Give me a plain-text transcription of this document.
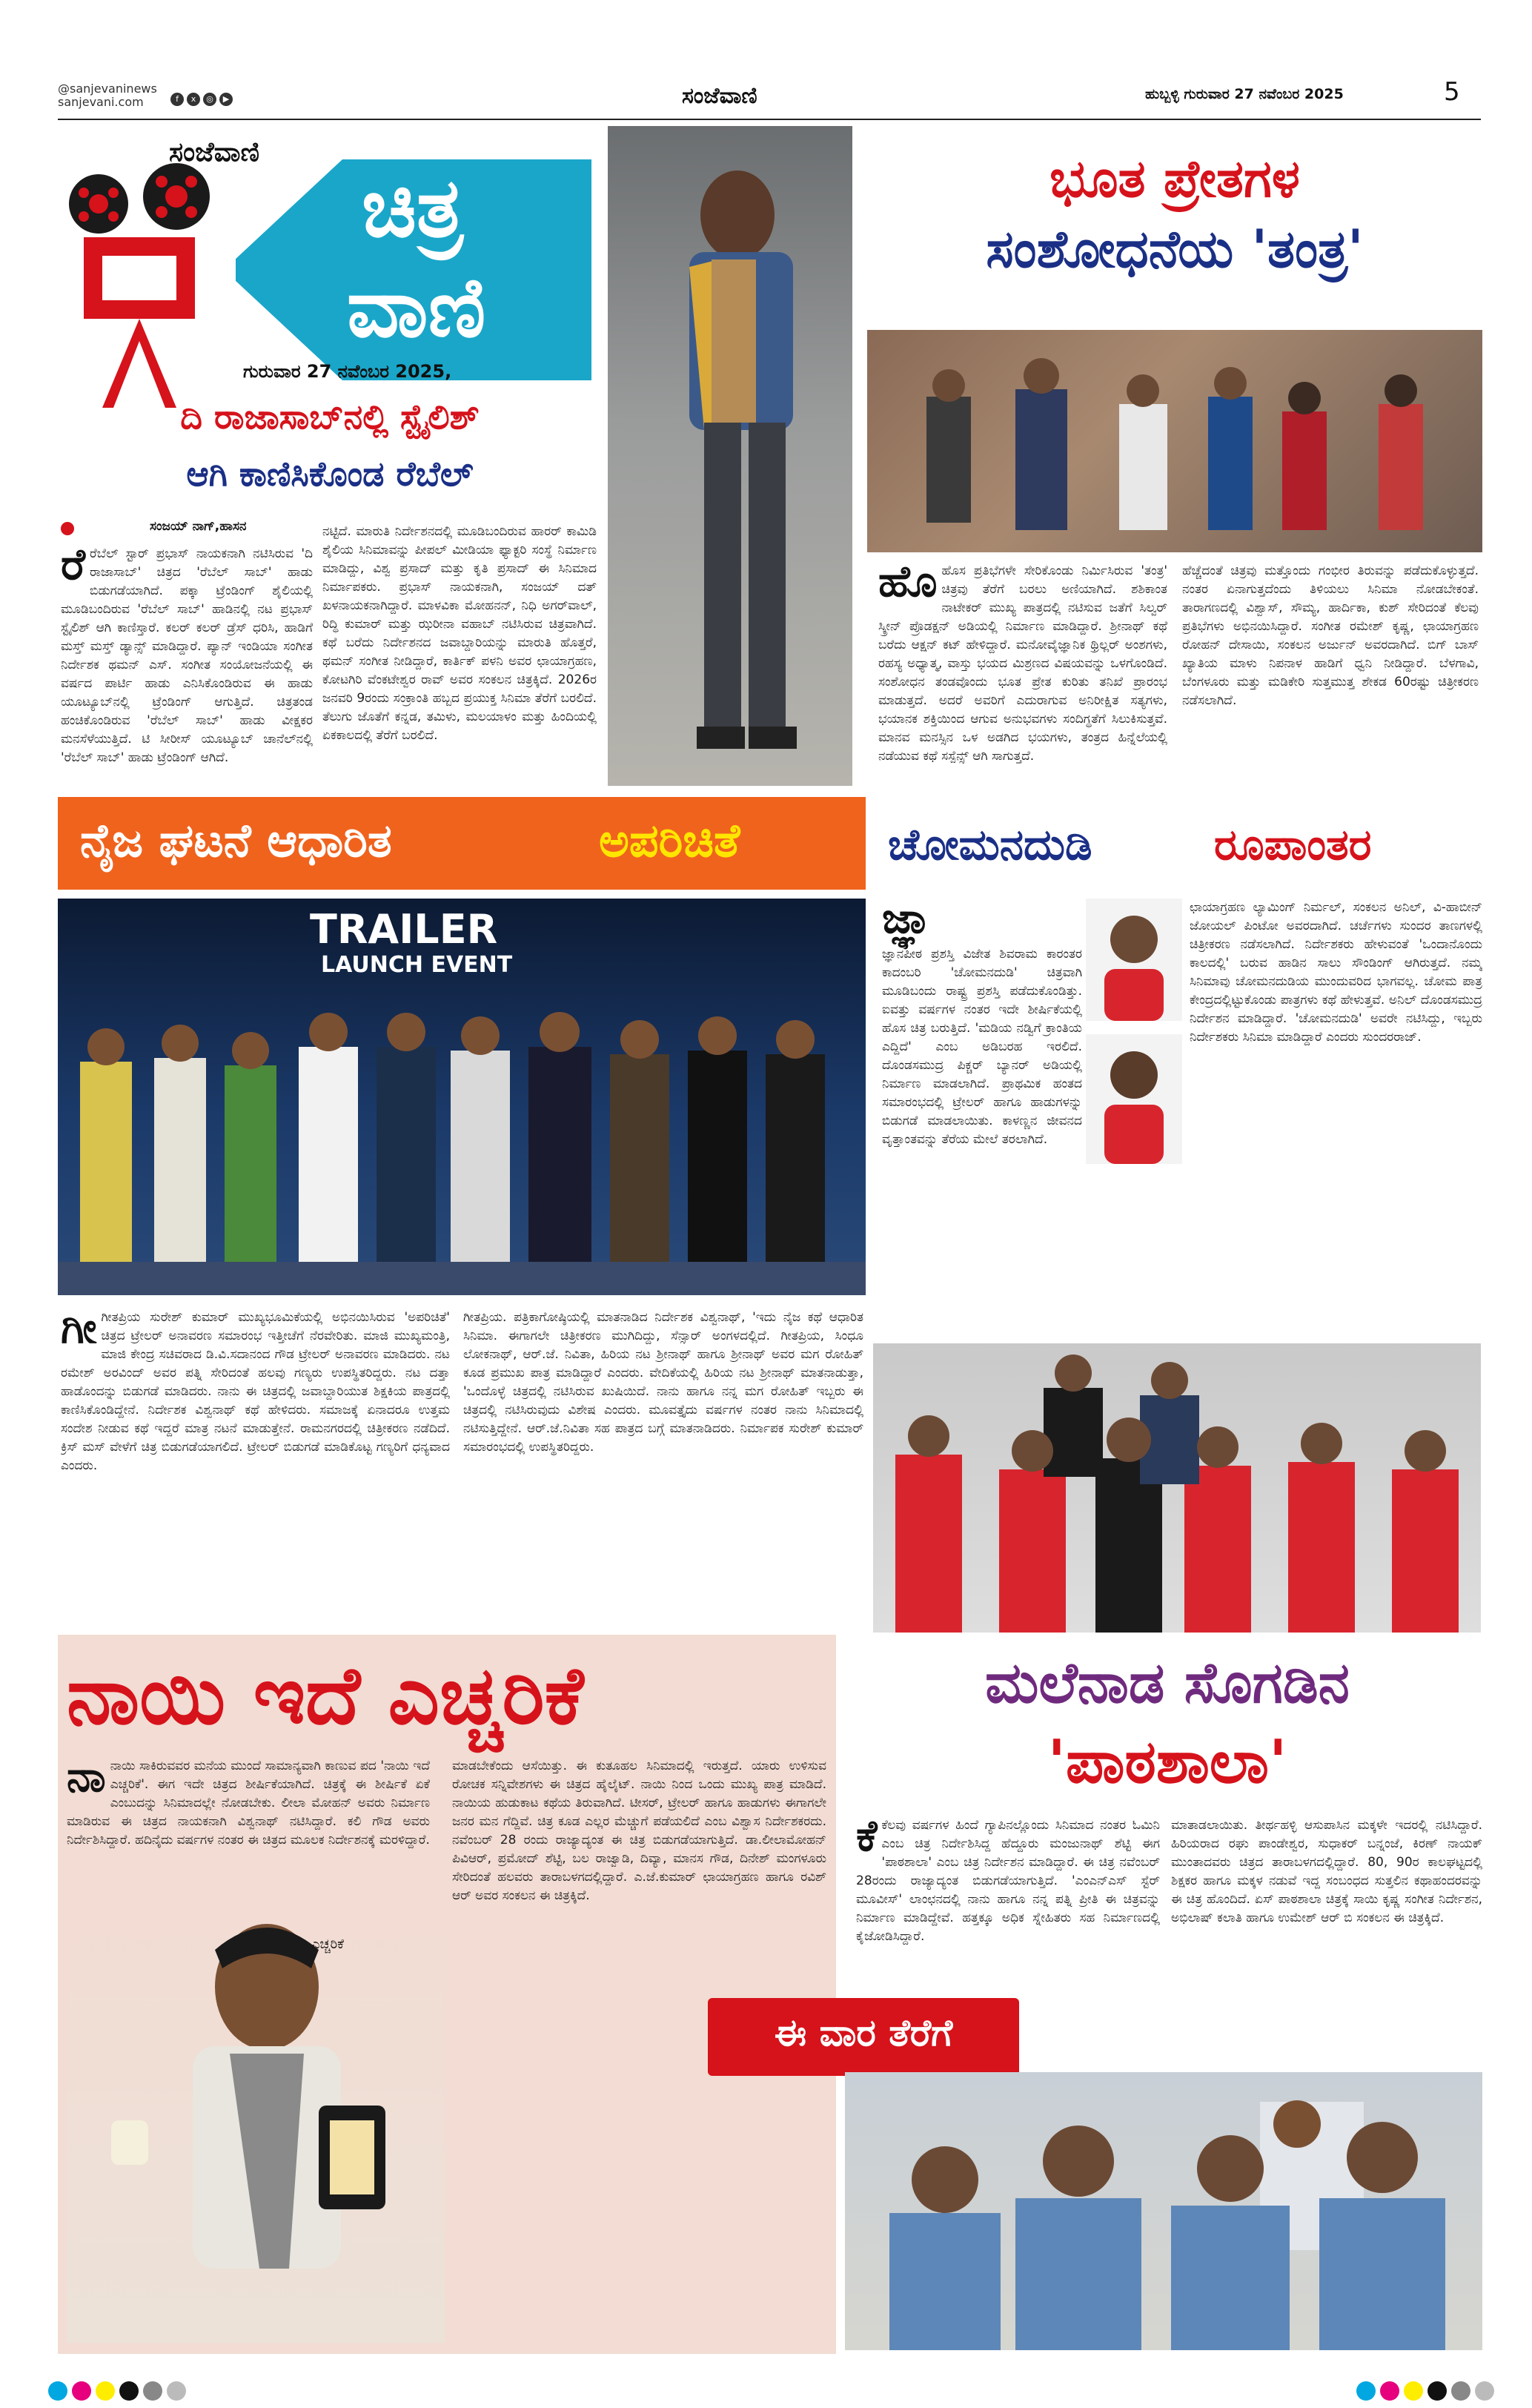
@sanjevaninews
sanjevani.com	f x ◎ ▶	ಸಂಜೆವಾಣಿ	ಹುಬ್ಬಳ್ಳಿ ಗುರುವಾರ 27 ನವೆಂಬರ 2025	5
ಸಂಜೆವಾಣಿ
ಚಿತ್ರ
ವಾಣಿ
ಗುರುವಾರ 27 ನವೆಂಬರ 2025,
ದಿ ರಾಜಾಸಾಬ್‌ನಲ್ಲಿ ಸ್ಟೈಲಿಶ್
ಆಗಿ ಕಾಣಿಸಿಕೊಂಡ ರೆಬೆಲ್
ಸಂಜಯ್ ನಾಗ್,ಹಾಸನ
ರೆರೆಬೆಲ್ ಸ್ಟಾರ್ ಪ್ರಭಾಸ್ ನಾಯಕನಾಗಿ ನಟಿಸಿರುವ 'ದಿ ರಾಜಾಸಾಬ್' ಚಿತ್ರದ 'ರೆಬೆಲ್ ಸಾಬ್' ಹಾಡು ಬಿಡುಗಡೆಯಾಗಿದೆ. ಪಕ್ಕಾ ಟ್ರೆಂಡಿಂಗ್ ಶೈಲಿಯಲ್ಲಿ ಮೂಡಿಬಂದಿರುವ 'ರೆಬೆಲ್ ಸಾಬ್' ಹಾಡಿನಲ್ಲಿ ನಟ ಪ್ರಭಾಸ್ ಸ್ಟೈಲಿಶ್ ಆಗಿ ಕಾಣಿಸ್ತಾರೆ. ಕಲರ್ ಕಲರ್ ಡ್ರೆಸ್ ಧರಿಸಿ, ಹಾಡಿಗೆ ಮಸ್ತ್ ಮಸ್ತ್ ಡ್ಯಾನ್ಸ್ ಮಾಡಿದ್ದಾರೆ. ಪ್ಯಾನ್ ಇಂಡಿಯಾ ಸಂಗೀತ ನಿರ್ದೇಶಕ ಥಮನ್ ಎಸ್. ಸಂಗೀತ ಸಂಯೋಜನೆಯಲ್ಲಿ ಈ ವರ್ಷದ ಪಾರ್ಟಿ ಹಾಡು ಎನಿಸಿಕೊಂಡಿರುವ ಈ ಹಾಡು ಯೂಟ್ಯೂಬ್‌ನಲ್ಲಿ ಟ್ರೆಂಡಿಂಗ್ ಆಗುತ್ತಿದೆ. ಚಿತ್ರತಂಡ ಹಂಚಿಕೊಂಡಿರುವ 'ರೆಬೆಲ್ ಸಾಬ್' ಹಾಡು ವೀಕ್ಷಕರ ಮನಸೆಳೆಯುತ್ತಿದೆ. ಟಿ ಸೀರೀಸ್ ಯೂಟ್ಯೂಬ್ ಚಾನೆಲ್‌ನಲ್ಲಿ 'ರೆಬೆಲ್ ಸಾಬ್' ಹಾಡು ಟ್ರೆಂಡಿಂಗ್ ಆಗಿದೆ.
ನಟ್ಟಿದೆ. ಮಾರುತಿ ನಿರ್ದೇಶನದಲ್ಲಿ ಮೂಡಿಬಂದಿರುವ ಹಾರರ್ ಕಾಮಿಡಿ ಶೈಲಿಯ ಸಿನಿಮಾವನ್ನು ಪೀಪಲ್ ಮೀಡಿಯಾ ಫ್ಯಾಕ್ಟರಿ ಸಂಸ್ಥೆ ನಿರ್ಮಾಣ ಮಾಡಿದ್ದು, ವಿಶ್ವ ಪ್ರಸಾದ್ ಮತ್ತು ಕೃತಿ ಪ್ರಸಾದ್ ಈ ಸಿನಿಮಾದ ನಿರ್ಮಾಪಕರು. ಪ್ರಭಾಸ್ ನಾಯಕನಾಗಿ, ಸಂಜಯ್ ದತ್ ಖಳನಾಯಕನಾಗಿದ್ದಾರೆ. ಮಾಳವಿಕಾ ಮೋಹನನ್, ನಿಧಿ ಅಗರ್‌ವಾಲ್, ರಿದ್ಧಿ ಕುಮಾರ್ ಮತ್ತು ಝರೀನಾ ವಹಾಬ್ ನಟಿಸಿರುವ ಚಿತ್ರವಾಗಿದೆ. ಕಥೆ ಬರೆದು ನಿರ್ದೇಶನದ ಜವಾಬ್ದಾರಿಯನ್ನು ಮಾರುತಿ ಹೊತ್ತರೆ, ಥಮನ್ ಸಂಗೀತ ನೀಡಿದ್ದಾರೆ, ಕಾರ್ತಿಕ್ ಪಳನಿ ಅವರ ಛಾಯಾಗ್ರಹಣ, ಕೋಟಗಿರಿ ವೆಂಕಟೇಶ್ವರ ರಾವ್ ಅವರ ಸಂಕಲನ ಚಿತ್ರಕ್ಕಿದೆ. 2026ರ ಜನವರಿ 9ರಂದು ಸಂಕ್ರಾಂತಿ ಹಬ್ಬದ ಪ್ರಯುಕ್ತ ಸಿನಿಮಾ ತೆರೆಗೆ ಬರಲಿದೆ. ತೆಲುಗು ಜೊತೆಗೆ ಕನ್ನಡ, ತಮಿಳು, ಮಲಯಾಳಂ ಮತ್ತು ಹಿಂದಿಯಲ್ಲಿ ಏಕಕಾಲದಲ್ಲಿ ತೆರೆಗೆ ಬರಲಿದೆ.
ಭೂತ ಪ್ರೇತಗಳ
ಸಂಶೋಧನೆಯ 'ತಂತ್ರ'
ಹೊಹೊಸ ಪ್ರತಿಭೆಗಳೇ ಸೇರಿಕೊಂಡು ನಿರ್ಮಿಸಿರುವ 'ತಂತ್ರ' ಚಿತ್ರವು ತೆರೆಗೆ ಬರಲು ಅಣಿಯಾಗಿದೆ. ಶಶಿಕಾಂತ ನಾಟೇಕರ್ ಮುಖ್ಯ ಪಾತ್ರದಲ್ಲಿ ನಟಿಸುವ ಜತೆಗೆ ಸಿಲ್ವರ್ ಸ್ಕ್ರೀನ್ ಪ್ರೊಡಕ್ಷನ್ ಅಡಿಯಲ್ಲಿ ನಿರ್ಮಾಣ ಮಾಡಿದ್ದಾರೆ. ಶ್ರೀನಾಥ್ ಕಥೆ ಬರೆದು ಆಕ್ಷನ್ ಕಟ್ ಹೇಳಿದ್ದಾರೆ. ಮನೋವೈಜ್ಞಾನಿಕ ಥ್ರಿಲ್ಲರ್ ಅಂಶಗಳು, ರಹಸ್ಯ ಅಧ್ಯಾತ್ಮ, ವಾಸ್ತು ಭಯದ ಮಿಶ್ರಣದ ವಿಷಯವನ್ನು ಒಳಗೊಂಡಿದೆ. ಸಂಶೋಧನ ತಂಡವೊಂದು ಭೂತ ಪ್ರೇತ ಕುರಿತು ತನಿಖೆ ಪ್ರಾರಂಭ ಮಾಡುತ್ತದೆ. ಅದರೆ ಅವರಿಗೆ ಎದುರಾಗುವ ಅನಿರೀಕ್ಷಿತ ಸತ್ಯಗಳು, ಭಯಾನಕ ಶಕ್ತಿಯಿಂದ ಆಗುವ ಅನುಭವಗಳು ಸಂದಿಗ್ಧತೆಗೆ ಸಿಲುಕಿಸುತ್ತವೆ. ಮಾನವ ಮನಸ್ಸಿನ ಒಳ ಅಡಗಿದ ಭಯಗಳು, ತಂತ್ರದ ಹಿನ್ನೆಲೆಯಲ್ಲಿ ನಡೆಯುವ ಕಥೆ ಸಸ್ಪೆನ್ಸ್ ಆಗಿ ಸಾಗುತ್ತದೆ.
ಹೆಚ್ಚೆದಂತೆ ಚಿತ್ರವು ಮತ್ತೊಂದು ಗಂಭೀರ ತಿರುವನ್ನು ಪಡೆದುಕೊಳ್ಳುತ್ತದೆ. ನಂತರ ಏನಾಗುತ್ತದೆಂದು ತಿಳಿಯಲು ಸಿನಿಮಾ ನೋಡಬೇಕಂತೆ. ತಾರಾಗಣದಲ್ಲಿ ವಿಶ್ವಾಸ್, ಸೌಮ್ಯ, ಹಾರ್ದಿಕಾ, ಕುಶ್ ಸೇರಿದಂತೆ ಕೆಲವು ಪ್ರತಿಭೆಗಳು ಅಭಿನಯಿಸಿದ್ದಾರೆ. ಸಂಗೀತ ರಮೇಶ್ ಕೃಷ್ಣ, ಛಾಯಾಗ್ರಹಣ ರೋಹನ್ ದೇಸಾಯಿ, ಸಂಕಲನ ಅರ್ಜುನ್ ಅವರದಾಗಿದೆ. ಬಿಗ್ ಬಾಸ್ ಖ್ಯಾತಿಯ ಮಾಳು ನಿಪನಾಳ ಹಾಡಿಗೆ ಧ್ವನಿ ನೀಡಿದ್ದಾರೆ. ಬೆಳಗಾವಿ, ಬೆಂಗಳೂರು ಮತ್ತು ಮಡಿಕೇರಿ ಸುತ್ತಮುತ್ತ ಶೇಕಡ 60ರಷ್ಟು ಚಿತ್ರೀಕರಣ ನಡೆಸಲಾಗಿದೆ.
ನೈಜ ಘಟನೆ ಆಧಾರಿತ	ಅಪರಿಚಿತೆ
TRAILER
LAUNCH EVENT
ಗೀಗೀತಪ್ರಿಯ ಸುರೇಶ್ ಕುಮಾರ್ ಮುಖ್ಯಭೂಮಿಕೆಯಲ್ಲಿ ಅಭಿನಯಿಸಿರುವ 'ಅಪರಿಚಿತೆ' ಚಿತ್ರದ ಟ್ರೇಲರ್ ಅನಾವರಣ ಸಮಾರಂಭ ಇತ್ತೀಚೆಗೆ ನೆರವೇರಿತು. ಮಾಜಿ ಮುಖ್ಯಮಂತ್ರಿ, ಮಾಜಿ ಕೇಂದ್ರ ಸಚಿವರಾದ ಡಿ.ವಿ.ಸದಾನಂದ ಗೌಡ ಟ್ರೇಲರ್ ಅನಾವರಣ ಮಾಡಿದರು. ನಟ ರಮೇಶ್ ಅರವಿಂದ್ ಅವರ ಪತ್ನಿ ಸೇರಿದಂತೆ ಹಲವು ಗಣ್ಯರು ಉಪಸ್ಥಿತರಿದ್ದರು. ನಟ ದತ್ತಾ ಹಾಡೊಂದನ್ನು ಬಿಡುಗಡೆ ಮಾಡಿದರು. ನಾನು ಈ ಚಿತ್ರದಲ್ಲಿ ಜವಾಬ್ದಾರಿಯುತ ಶಿಕ್ಷಕಿಯ ಪಾತ್ರದಲ್ಲಿ ಕಾಣಿಸಿಕೊಂಡಿದ್ದೇನೆ. ನಿರ್ದೇಶಕ ವಿಶ್ವನಾಥ್ ಕಥೆ ಹೇಳಿದರು. ಸಮಾಜಕ್ಕೆ ಏನಾದರೂ ಉತ್ತಮ ಸಂದೇಶ ನೀಡುವ ಕಥೆ ಇದ್ದರೆ ಮಾತ್ರ ನಟನೆ ಮಾಡುತ್ತೇನೆ. ರಾಮನಗರದಲ್ಲಿ ಚಿತ್ರೀಕರಣ ನಡೆದಿದೆ. ಕ್ರಿಸ್ ಮಸ್ ವೇಳೆಗೆ ಚಿತ್ರ ಬಿಡುಗಡೆಯಾಗಲಿದೆ. ಟ್ರೇಲರ್ ಬಿಡುಗಡೆ ಮಾಡಿಕೊಟ್ಟ ಗಣ್ಯರಿಗೆ ಧನ್ಯವಾದ ಎಂದರು.
ಗೀತಪ್ರಿಯ. ಪತ್ರಿಕಾಗೋಷ್ಠಿಯಲ್ಲಿ ಮಾತನಾಡಿದ ನಿರ್ದೇಶಕ ವಿಶ್ವನಾಥ್, 'ಇದು ನೈಜ ಕಥೆ ಆಧಾರಿತ ಸಿನಿಮಾ. ಈಗಾಗಲೇ ಚಿತ್ರೀಕರಣ ಮುಗಿದಿದ್ದು, ಸೆನ್ಸಾರ್ ಅಂಗಳದಲ್ಲಿದೆ. ಗೀತಪ್ರಿಯ, ಸಿಂಧೂ ಲೋಕನಾಥ್, ಆರ್.ಜೆ. ನಿವಿತಾ, ಹಿರಿಯ ನಟ ಶ್ರೀನಾಥ್ ಹಾಗೂ ಶ್ರೀನಾಥ್ ಅವರ ಮಗ ರೋಹಿತ್ ಕೂಡ ಪ್ರಮುಖ ಪಾತ್ರ ಮಾಡಿದ್ದಾರೆ ಎಂದರು. ವೇದಿಕೆಯಲ್ಲಿ ಹಿರಿಯ ನಟ ಶ್ರೀನಾಥ್ ಮಾತನಾಡುತ್ತಾ, 'ಒಂದೊಳ್ಳೆ ಚಿತ್ರದಲ್ಲಿ ನಟಿಸಿರುವ ಖುಷಿಯಿದೆ. ನಾನು ಹಾಗೂ ನನ್ನ ಮಗ ರೋಹಿತ್ ಇಬ್ಬರು ಈ ಚಿತ್ರದಲ್ಲಿ ನಟಿಸಿರುವುದು ವಿಶೇಷ ಎಂದರು. ಮೂವತ್ತೈದು ವರ್ಷಗಳ ನಂತರ ನಾನು ಸಿನಿಮಾದಲ್ಲಿ ನಟಿಸುತ್ತಿದ್ದೇನೆ. ಆರ್.ಜೆ.ನಿವಿತಾ ಸಹ ಪಾತ್ರದ ಬಗ್ಗೆ ಮಾತನಾಡಿದರು. ನಿರ್ಮಾಪಕ ಸುರೇಶ್ ಕುಮಾರ್ ಸಮಾರಂಭದಲ್ಲಿ ಉಪಸ್ಥಿತರಿದ್ದರು.
ಚೋಮನದುಡಿ	ರೂಪಾಂತರ
ಜ್ಞಾ
ಜ್ಞಾನಪೀಠ ಪ್ರಶಸ್ತಿ ವಿಜೇತ ಶಿವರಾಮ ಕಾರಂತರ ಕಾದಂಬರಿ 'ಚೋಮನದುಡಿ' ಚಿತ್ರವಾಗಿ ಮೂಡಿಬಂದು ರಾಷ್ಟ್ರ ಪ್ರಶಸ್ತಿ ಪಡೆದುಕೊಂಡಿತ್ತು. ಐವತ್ತು ವರ್ಷಗಳ ನಂತರ ಇದೇ ಶೀರ್ಷಿಕೆಯಲ್ಲಿ ಹೊಸ ಚಿತ್ರ ಬರುತ್ತಿದೆ. 'ಮಡಿಯ ನಡ್ವಿಗೆ ಕ್ರಾಂತಿಯ ಎದ್ದಿದೆ' ಎಂಬ ಅಡಿಬರಹ ಇರಲಿದೆ. ದೊಂಡಸಮುದ್ರ ಪಿಕ್ಚರ್ ಬ್ಯಾನರ್ ಅಡಿಯಲ್ಲಿ ನಿರ್ಮಾಣ ಮಾಡಲಾಗಿದೆ. ಪ್ರಾಥಮಿಕ ಹಂತದ ಸಮಾರಂಭದಲ್ಲಿ ಟ್ರೇಲರ್ ಹಾಗೂ ಹಾಡುಗಳನ್ನು ಬಿಡುಗಡೆ ಮಾಡಲಾಯಿತು. ಕಾಳಣ್ಣನ ಜೀವನದ ವೃತ್ತಾಂತವನ್ನು ತೆರೆಯ ಮೇಲೆ ತರಲಾಗಿದೆ.
ಛಾಯಾಗ್ರಹಣ ಲ್ಯಾಮಿಂಗ್ ನಿರ್ಮಲ್, ಸಂಕಲನ ಅನಿಲ್, ವಿ-ಹಾಬೀನ್ ಜೋಯಲ್ ಪಿಂಟೋ ಅವರದಾಗಿದೆ. ಚರ್ಚೆಗಳು ಸುಂದರ ತಾಣಗಳಲ್ಲಿ ಚಿತ್ರೀಕರಣ ನಡೆಸಲಾಗಿದೆ. ನಿರ್ದೇಶಕರು ಹೇಳುವಂತೆ 'ಒಂದಾನೊಂದು ಕಾಲದಲ್ಲಿ' ಬರುವ ಹಾಡಿನ ಸಾಲು ಸೌಂಡಿಂಗ್ ಆಗಿರುತ್ತದೆ. ನಮ್ಮ ಸಿನಿಮಾವು ಚೋಮನದುಡಿಯ ಮುಂದುವರಿದ ಭಾಗವಲ್ಲ. ಚೋಮ ಪಾತ್ರ ಕೇಂದ್ರದಲ್ಲಿಟ್ಟುಕೊಂಡು ಪಾತ್ರಗಳು ಕಥೆ ಹೇಳುತ್ತವೆ. ಅನಿಲ್ ದೊಂಡಸಮುದ್ರ ನಿರ್ದೇಶನ ಮಾಡಿದ್ದಾರೆ. 'ಚೋಮನದುಡಿ' ಅವರೇ ನಟಿಸಿದ್ದು, ಇಬ್ಬರು ನಿರ್ದೇಶಕರು ಸಿನಿಮಾ ಮಾಡಿದ್ದಾರೆ ಎಂದರು ಸುಂದರರಾಜ್.
ನಾಯಿ ಇದೆ ಎಚ್ಚರಿಕೆ
ನಾನಾಯಿ ಸಾಕಿರುವವರ ಮನೆಯ ಮುಂದೆ ಸಾಮಾನ್ಯವಾಗಿ ಕಾಣುವ ಪದ 'ನಾಯಿ ಇದೆ ಎಚ್ಚರಿಕೆ'. ಈಗ ಇದೇ ಚಿತ್ರದ ಶೀರ್ಷಿಕೆಯಾಗಿದೆ. ಚಿತ್ರಕ್ಕೆ ಈ ಶೀರ್ಷಿಕೆ ಏಕೆ ಎಂಬುದನ್ನು ಸಿನಿಮಾದಲ್ಲೇ ನೋಡಬೇಕು. ಲೀಲಾ ಮೋಹನ್ ಅವರು ನಿರ್ಮಾಣ ಮಾಡಿರುವ ಈ ಚಿತ್ರದ ನಾಯಕನಾಗಿ ವಿಶ್ವನಾಥ್ ನಟಿಸಿದ್ದಾರೆ. ಕಲಿ ಗೌಡ ಅವರು ನಿರ್ದೇಶಿಸಿದ್ದಾರೆ. ಹದಿನೈದು ವರ್ಷಗಳ ನಂತರ ಈ ಚಿತ್ರದ ಮೂಲಕ ನಿರ್ದೇಶನಕ್ಕೆ ಮರಳಿದ್ದಾರೆ.
ಮಾಡಬೇಕೆಂದು ಆಸೆಯಿತ್ತು. ಈ ಕುತೂಹಲ ಸಿನಿಮಾದಲ್ಲಿ ಇರುತ್ತದೆ. ಯಾರು ಉಳಿಸುವ ರೋಚಕ ಸನ್ನಿವೇಶಗಳು ಈ ಚಿತ್ರದ ಹೈಲೈಟ್. ನಾಯಿ ನಿಂದ ಒಂದು ಮುಖ್ಯ ಪಾತ್ರ ಮಾಡಿದೆ. ನಾಯಿಯ ಹುಡುಕಾಟ ಕಥೆಯ ತಿರುವಾಗಿದೆ. ಟೀಸರ್, ಟ್ರೇಲರ್ ಹಾಗೂ ಹಾಡುಗಳು ಈಗಾಗಲೇ ಜನರ ಮನ ಗೆದ್ದಿವೆ. ಚಿತ್ರ ಕೂಡ ಎಲ್ಲರ ಮೆಚ್ಚುಗೆ ಪಡೆಯಲಿದೆ ಎಂಬ ವಿಶ್ವಾಸ ನಿರ್ದೇಶಕರದು. ನವೆಂಬರ್ 28 ರಂದು ರಾಜ್ಯಾದ್ಯಂತ ಈ ಚಿತ್ರ ಬಿಡುಗಡೆಯಾಗುತ್ತಿದೆ. ಡಾ.ಲೀಲಾಮೋಹನ್ ಪಿವಿಆರ್, ಪ್ರಮೋದ್ ಶೆಟ್ಟಿ, ಬಲ ರಾಜ್ವಾಡಿ, ದಿವ್ಯಾ, ಮಾನಸ ಗೌಡ, ದಿನೇಶ್ ಮಂಗಳೂರು ಸೇರಿದಂತೆ ಹಲವರು ತಾರಾಬಳಗದಲ್ಲಿದ್ದಾರೆ. ಎ.ಜೆ.ಕುಮಾರ್ ಛಾಯಾಗ್ರಹಣ ಹಾಗೂ ರವಿಶ್ ಆರ್ ಅವರ ಸಂಕಲನ ಈ ಚಿತ್ರಕ್ಕಿದೆ.
ಎಚ್ಚರಿಕೆ
ಮಲೆನಾಡ ಸೊಗಡಿನ
'ಪಾಠಶಾಲಾ'
ಕೆಕೆಲವು ವರ್ಷಗಳ ಹಿಂದೆ ಗ್ಯಾಪಿನಲ್ಲೊಂದು ಸಿನಿಮಾದ ನಂತರ ಓಮಿನಿ ಎಂಬ ಚಿತ್ರ ನಿರ್ದೇಶಿಸಿದ್ದ ಹೆದ್ದೂರು ಮಂಜುನಾಥ್ ಶೆಟ್ಟಿ ಈಗ 'ಪಾಠಶಾಲಾ' ಎಂಬ ಚಿತ್ರ ನಿರ್ದೇಶನ ಮಾಡಿದ್ದಾರೆ. ಈ ಚಿತ್ರ ನವೆಂಬರ್ 28ರಂದು ರಾಜ್ಯಾದ್ಯಂತ ಬಿಡುಗಡೆಯಾಗುತ್ತಿದೆ. 'ಎಂಎನ್‌ಎಸ್ ಸ್ಟೆರ್ ಮೂವೀಸ್' ಲಾಂಛನದಲ್ಲಿ ನಾನು ಹಾಗೂ ನನ್ನ ಪತ್ನಿ ಪ್ರೀತಿ ಈ ಚಿತ್ರವನ್ನು ನಿರ್ಮಾಣ ಮಾಡಿದ್ದೇವೆ. ಹತ್ತಕ್ಕೂ ಅಧಿಕ ಸ್ನೇಹಿತರು ಸಹ ನಿರ್ಮಾಣದಲ್ಲಿ ಕೈಜೋಡಿಸಿದ್ದಾರೆ.
ಮಾತಾಡಲಾಯಿತು. ತೀರ್ಥಹಳ್ಳಿ ಆಸುಪಾಸಿನ ಮಕ್ಕಳೇ ಇದರಲ್ಲಿ ನಟಿಸಿದ್ದಾರೆ. ಹಿರಿಯರಾದ ರಘು ಪಾಂಡೇಶ್ವರ, ಸುಧಾಕರ್ ಬನ್ನಂಜೆ, ಕಿರಣ್ ನಾಯಕ್ ಮುಂತಾದವರು ಚಿತ್ರದ ತಾರಾಬಳಗದಲ್ಲಿದ್ದಾರೆ. 80, 90ರ ಕಾಲಘಟ್ಟದಲ್ಲಿ ಶಿಕ್ಷಕರ ಹಾಗೂ ಮಕ್ಕಳ ನಡುವೆ ಇದ್ದ ಸಂಬಂಧದ ಸುತ್ತಲಿನ ಕಥಾಹಂದರವನ್ನು ಈ ಚಿತ್ರ ಹೊಂದಿದೆ. ಏಸ್ ಪಾಠಶಾಲಾ ಚಿತ್ರಕ್ಕೆ ಸಾಯಿ ಕೃಷ್ಣ ಸಂಗೀತ ನಿರ್ದೇಶನ, ಅಭಿಲಾಷ್ ಕಲಾತಿ ಹಾಗೂ ಉಮೇಶ್ ಆರ್ ಬಿ ಸಂಕಲನ ಈ ಚಿತ್ರಕ್ಕಿದೆ.
ಈ ವಾರ ತೆರೆಗೆ
